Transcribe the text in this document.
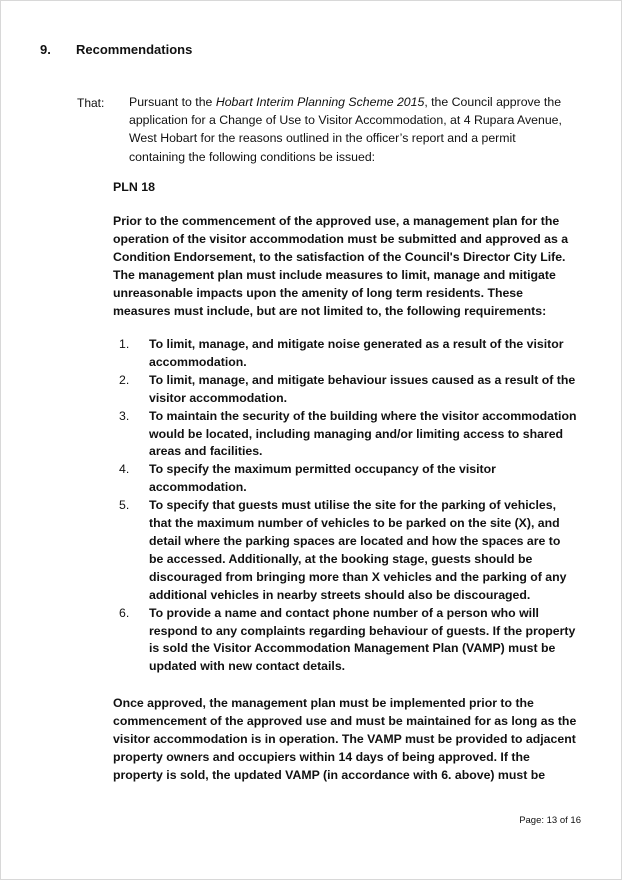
9. Recommendations
That: Pursuant to the Hobart Interim Planning Scheme 2015, the Council approve the application for a Change of Use to Visitor Accommodation, at 4 Rupara Avenue, West Hobart for the reasons outlined in the officer’s report and a permit containing the following conditions be issued:
PLN 18
Prior to the commencement of the approved use, a management plan for the operation of the visitor accommodation must be submitted and approved as a Condition Endorsement, to the satisfaction of the Council's Director City Life. The management plan must include measures to limit, manage and mitigate unreasonable impacts upon the amenity of long term residents. These measures must include, but are not limited to, the following requirements:
1. To limit, manage, and mitigate noise generated as a result of the visitor accommodation.
2. To limit, manage, and mitigate behaviour issues caused as a result of the visitor accommodation.
3. To maintain the security of the building where the visitor accommodation would be located, including managing and/or limiting access to shared areas and facilities.
4. To specify the maximum permitted occupancy of the visitor accommodation.
5. To specify that guests must utilise the site for the parking of vehicles, that the maximum number of vehicles to be parked on the site (X), and detail where the parking spaces are located and how the spaces are to be accessed. Additionally, at the booking stage, guests should be discouraged from bringing more than X vehicles and the parking of any additional vehicles in nearby streets should also be discouraged.
6. To provide a name and contact phone number of a person who will respond to any complaints regarding behaviour of guests. If the property is sold the Visitor Accommodation Management Plan (VAMP) must be updated with new contact details.
Once approved, the management plan must be implemented prior to the commencement of the approved use and must be maintained for as long as the visitor accommodation is in operation. The VAMP must be provided to adjacent property owners and occupiers within 14 days of being approved. If the property is sold, the updated VAMP (in accordance with 6. above) must be
Page: 13 of 16
